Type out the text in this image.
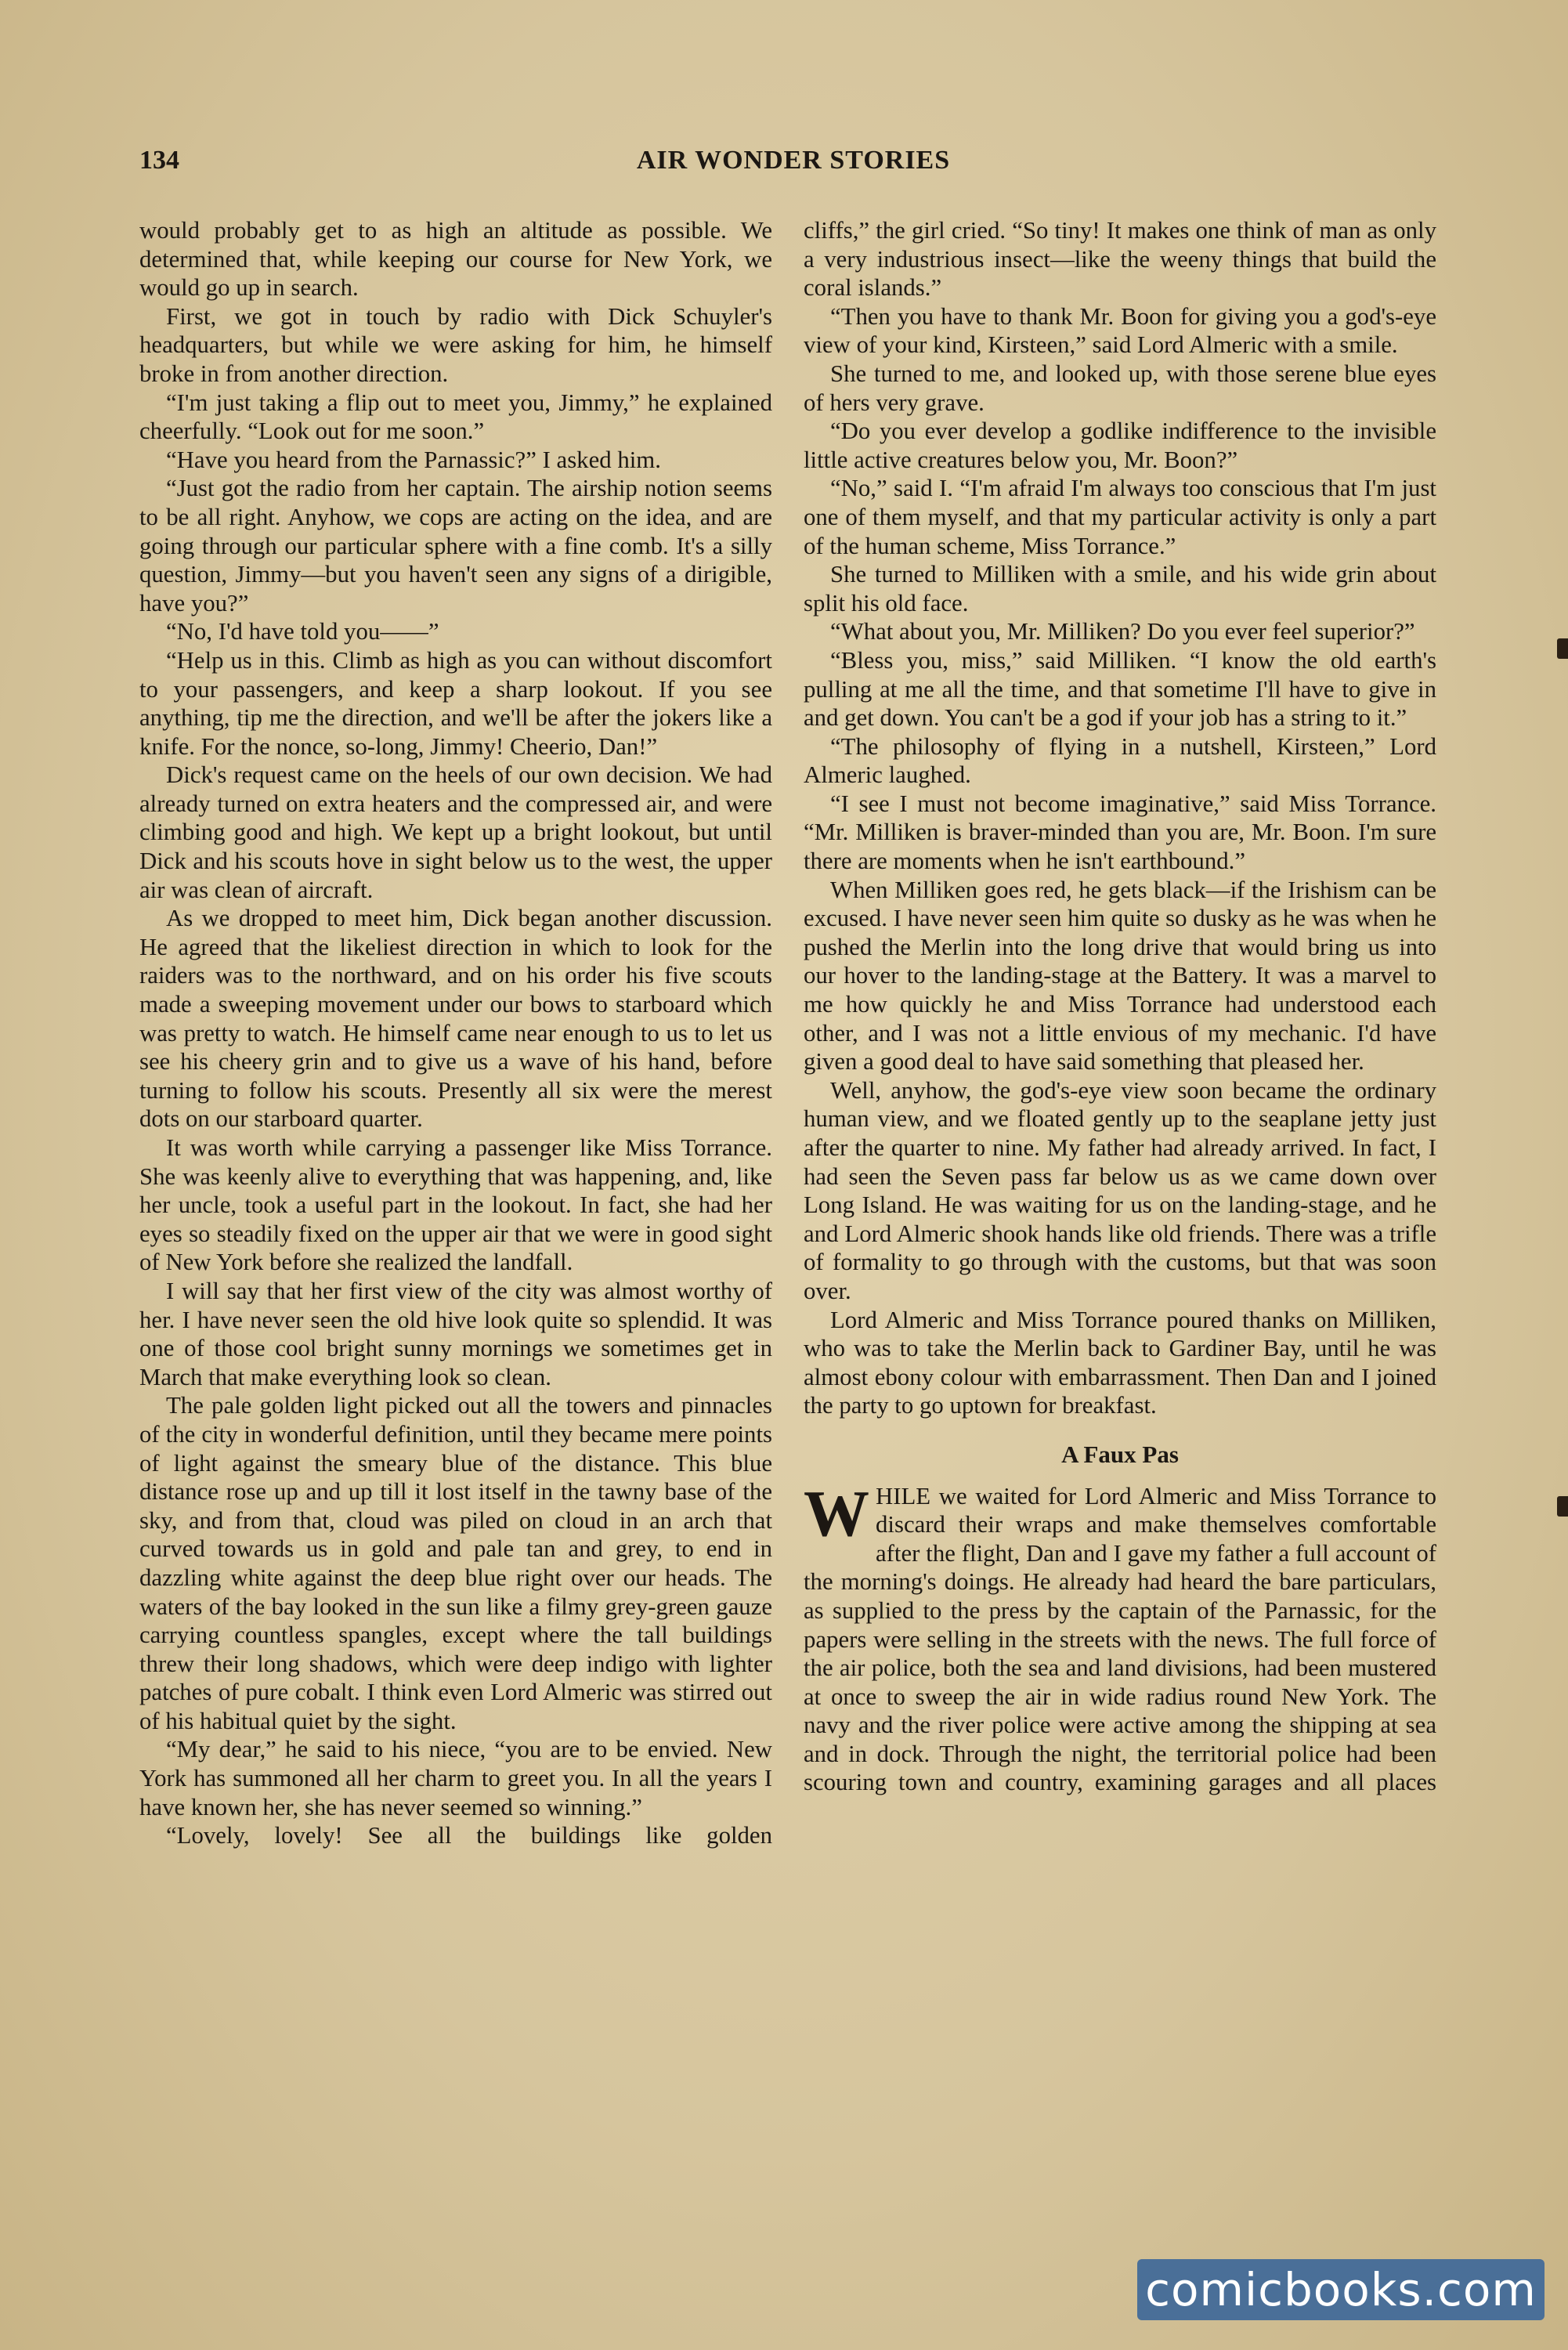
134	AIR WONDER STORIES

would probably get to as high an altitude as possible. We determined that, while keeping our course for New York, we would go up in search.

First, we got in touch by radio with Dick Schuyler's headquarters, but while we were asking for him, he himself broke in from another direction.

“I'm just taking a flip out to meet you, Jimmy,” he explained cheerfully. “Look out for me soon.”

“Have you heard from the Parnassic?” I asked him.

“Just got the radio from her captain. The airship notion seems to be all right. Anyhow, we cops are acting on the idea, and are going through our particular sphere with a fine comb. It's a silly question, Jimmy—but you haven't seen any signs of a dirigible, have you?”

“No, I'd have told you——”

“Help us in this. Climb as high as you can without discomfort to your passengers, and keep a sharp lookout. If you see anything, tip me the direction, and we'll be after the jokers like a knife. For the nonce, so-long, Jimmy! Cheerio, Dan!”

Dick's request came on the heels of our own decision. We had already turned on extra heaters and the compressed air, and were climbing good and high. We kept up a bright lookout, but until Dick and his scouts hove in sight below us to the west, the upper air was clean of aircraft.

As we dropped to meet him, Dick began another discussion. He agreed that the likeliest direction in which to look for the raiders was to the northward, and on his order his five scouts made a sweeping movement under our bows to starboard which was pretty to watch. He himself came near enough to us to let us see his cheery grin and to give us a wave of his hand, before turning to follow his scouts. Presently all six were the merest dots on our starboard quarter.

It was worth while carrying a passenger like Miss Torrance. She was keenly alive to everything that was happening, and, like her uncle, took a useful part in the lookout. In fact, she had her eyes so steadily fixed on the upper air that we were in good sight of New York before she realized the landfall.

I will say that her first view of the city was almost worthy of her. I have never seen the old hive look quite so splendid. It was one of those cool bright sunny mornings we sometimes get in March that make everything look so clean.

The pale golden light picked out all the towers and pinnacles of the city in wonderful definition, until they became mere points of light against the smeary blue of the distance. This blue distance rose up and up till it lost itself in the tawny base of the sky, and from that, cloud was piled on cloud in an arch that curved towards us in gold and pale tan and grey, to end in dazzling white against the deep blue right over our heads. The waters of the bay looked in the sun like a filmy grey-green gauze carrying countless spangles, except where the tall buildings threw their long shadows, which were deep indigo with lighter patches of pure cobalt. I think even Lord Almeric was stirred out of his habitual quiet by the sight.

“My dear,” he said to his niece, “you are to be envied. New York has summoned all her charm to greet you. In all the years I have known her, she has never seemed so winning.”

“Lovely, lovely! See all the buildings like golden

cliffs,” the girl cried. “So tiny! It makes one think of man as only a very industrious insect—like the weeny things that build the coral islands.”

“Then you have to thank Mr. Boon for giving you a god's-eye view of your kind, Kirsteen,” said Lord Almeric with a smile.

She turned to me, and looked up, with those serene blue eyes of hers very grave.

“Do you ever develop a godlike indifference to the invisible little active creatures below you, Mr. Boon?”

“No,” said I. “I'm afraid I'm always too conscious that I'm just one of them myself, and that my particular activity is only a part of the human scheme, Miss Torrance.”

She turned to Milliken with a smile, and his wide grin about split his old face.

“What about you, Mr. Milliken? Do you ever feel superior?”

“Bless you, miss,” said Milliken. “I know the old earth's pulling at me all the time, and that sometime I'll have to give in and get down. You can't be a god if your job has a string to it.”

“The philosophy of flying in a nutshell, Kirsteen,” Lord Almeric laughed.

“I see I must not become imaginative,” said Miss Torrance. “Mr. Milliken is braver-minded than you are, Mr. Boon. I'm sure there are moments when he isn't earthbound.”

When Milliken goes red, he gets black—if the Irishism can be excused. I have never seen him quite so dusky as he was when he pushed the Merlin into the long drive that would bring us into our hover to the landing-stage at the Battery. It was a marvel to me how quickly he and Miss Torrance had understood each other, and I was not a little envious of my mechanic. I'd have given a good deal to have said something that pleased her.

Well, anyhow, the god's-eye view soon became the ordinary human view, and we floated gently up to the seaplane jetty just after the quarter to nine. My father had already arrived. In fact, I had seen the Seven pass far below us as we came down over Long Island. He was waiting for us on the landing-stage, and he and Lord Almeric shook hands like old friends. There was a trifle of formality to go through with the customs, but that was soon over.

Lord Almeric and Miss Torrance poured thanks on Milliken, who was to take the Merlin back to Gardiner Bay, until he was almost ebony colour with embarrassment. Then Dan and I joined the party to go uptown for breakfast.

A Faux Pas

WHILE we waited for Lord Almeric and Miss Torrance to discard their wraps and make themselves comfortable after the flight, Dan and I gave my father a full account of the morning's doings. He already had heard the bare particulars, as supplied to the press by the captain of the Parnassic, for the papers were selling in the streets with the news. The full force of the air police, both the sea and land divisions, had been mustered at once to sweep the air in wide radius round New York. The navy and the river police were active among the shipping at sea and in dock. Through the night, the territorial police had been scouring town and country, examining garages and all places

comicbooks.com
